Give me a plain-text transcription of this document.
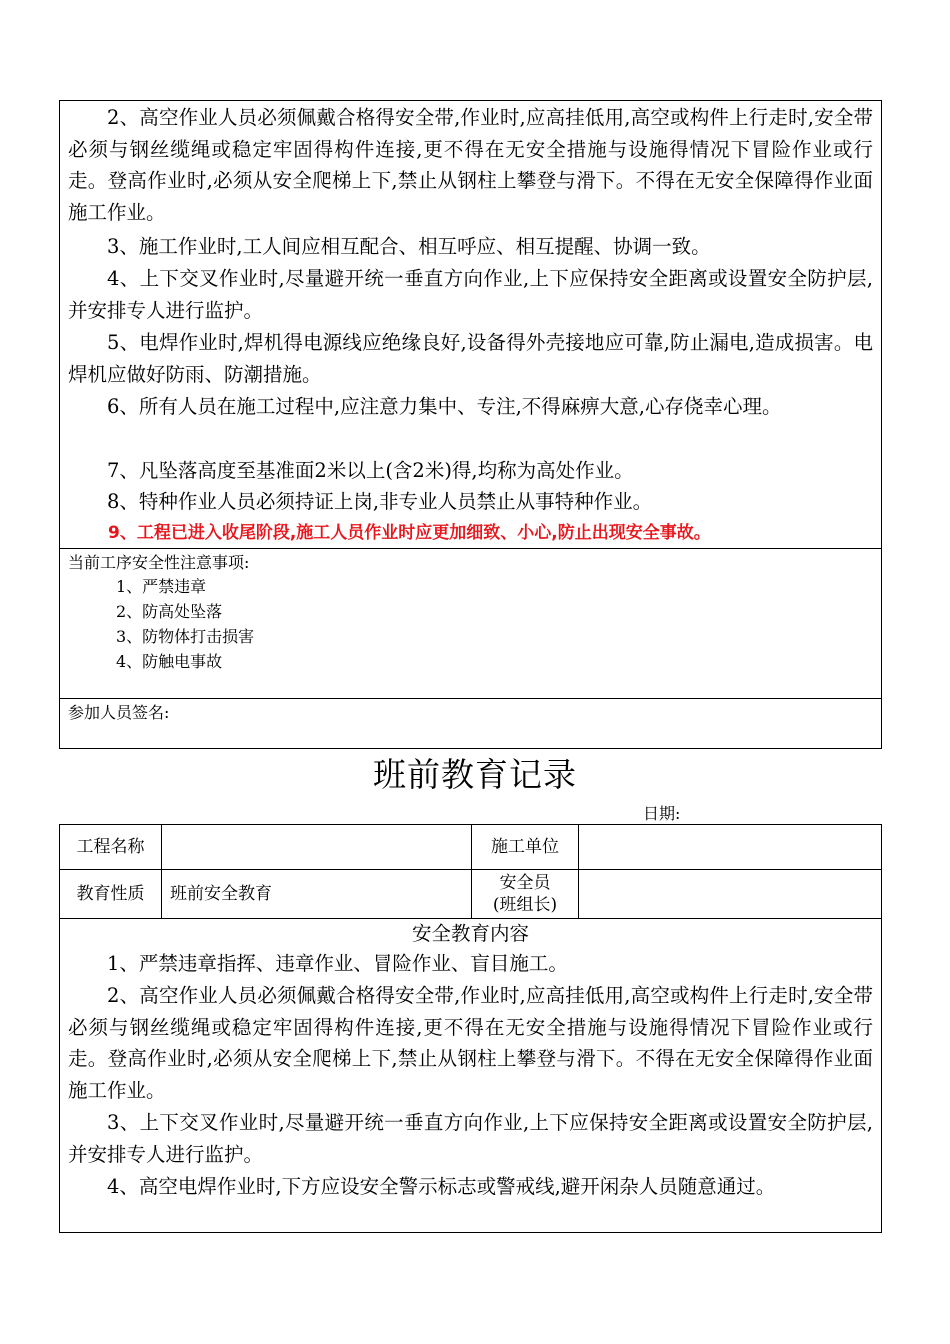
2、高空作业人员必须佩戴合格得安全带,作业时,应高挂低用,高空或构件上行走时,安全带必须与钢丝缆绳或稳定牢固得构件连接,更不得在无安全措施与设施得情况下冒险作业或行走。登高作业时,必须从安全爬梯上下,禁止从钢柱上攀登与滑下。不得在无安全保障得作业面施工作业。
3、施工作业时,工人间应相互配合、相互呼应、相互提醒、协调一致。
4、上下交叉作业时,尽量避开统一垂直方向作业,上下应保持安全距离或设置安全防护层,并安排专人进行监护。
5、电焊作业时,焊机得电源线应绝缘良好,设备得外壳接地应可靠,防止漏电,造成损害。电焊机应做好防雨、防潮措施。
6、所有人员在施工过程中,应注意力集中、专注,不得麻痹大意,心存侥幸心理。
7、凡坠落高度至基准面2米以上(含2米)得,均称为高处作业。
8、特种作业人员必须持证上岗,非专业人员禁止从事特种作业。
9、工程已进入收尾阶段,施工人员作业时应更加细致、小心,防止出现安全事故。
当前工序安全性注意事项:
1、严禁违章
2、防高处坠落
3、防物体打击损害
4、防触电事故
参加人员签名:
班前教育记录
日期:
工程名称	施工单位
教育性质	班前安全教育
安全员
(班组长)
安全教育内容
1、严禁违章指挥、违章作业、冒险作业、盲目施工。
2、高空作业人员必须佩戴合格得安全带,作业时,应高挂低用,高空或构件上行走时,安全带必须与钢丝缆绳或稳定牢固得构件连接,更不得在无安全措施与设施得情况下冒险作业或行走。登高作业时,必须从安全爬梯上下,禁止从钢柱上攀登与滑下。不得在无安全保障得作业面施工作业。
3、上下交叉作业时,尽量避开统一垂直方向作业,上下应保持安全距离或设置安全防护层,并安排专人进行监护。
4、高空电焊作业时,下方应设安全警示标志或警戒线,避开闲杂人员随意通过。
